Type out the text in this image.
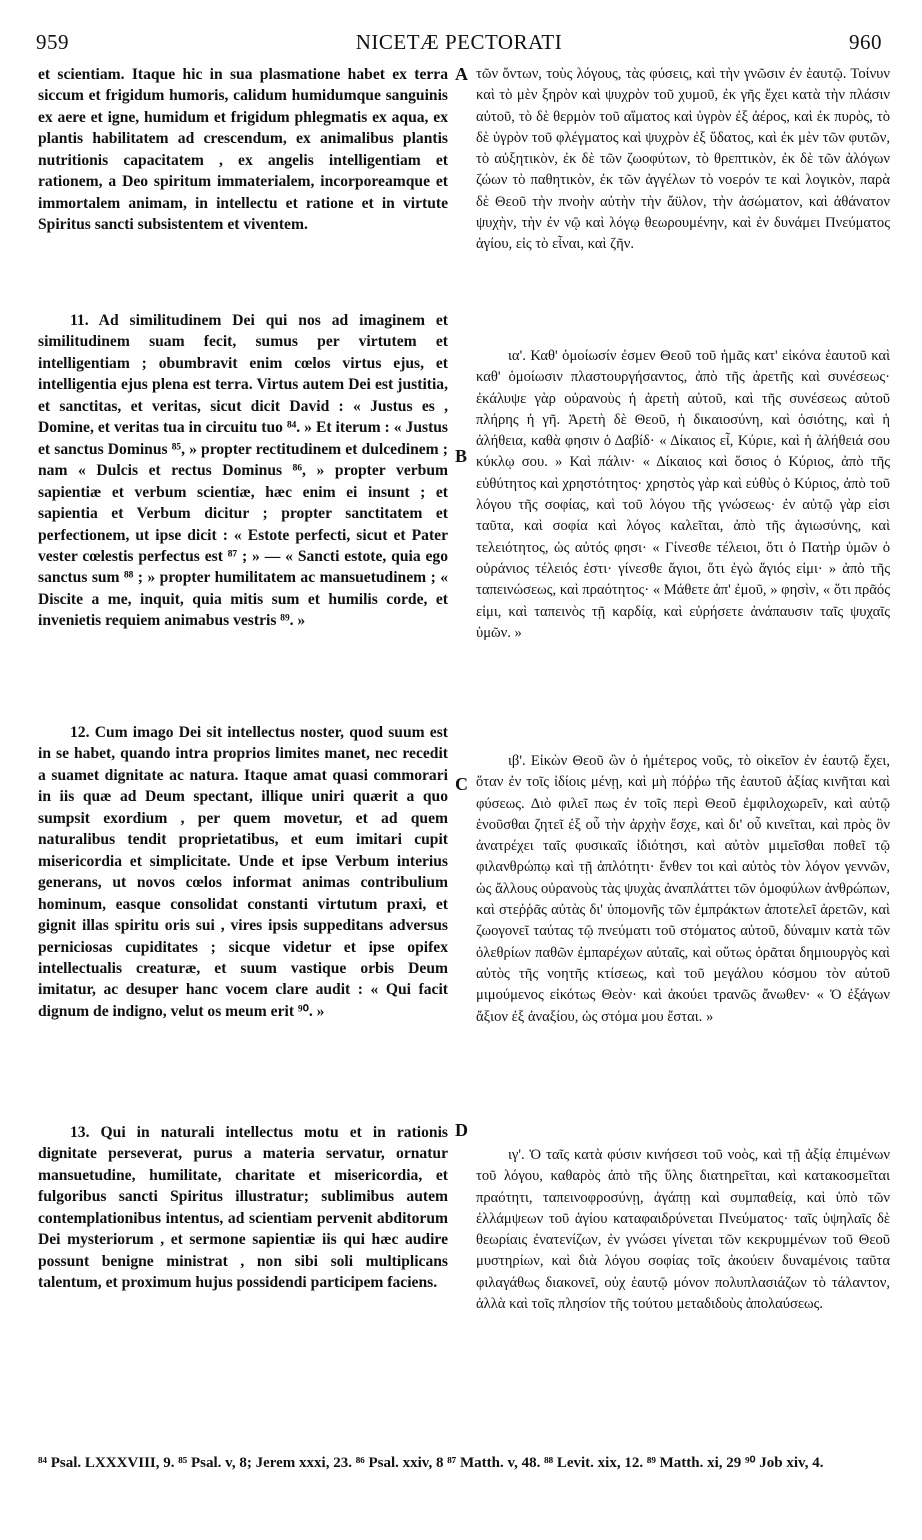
959	NICETÆ PECTORATI	960
et scientiam. Itaque hic in sua plasmatione habet ex terra siccum et frigidum humoris, calidum humidumque sanguinis ex aere et igne, humidum et frigidum phlegmatis ex aqua, ex plantis habilitatem ad crescendum, ex animalibus plantis nutritionis capacitatem , ex angelis intelligentiam et rationem, a Deo spiritum immaterialem, incorporeamque et immortalem animam, in intellectu et ratione et in virtute Spiritus sancti subsistentem et viventem.
11. Ad similitudinem Dei qui nos ad imaginem et similitudinem suam fecit, sumus per virtutem et intelligentiam ; obumbravit enim cœlos virtus ejus, et intelligentia ejus plena est terra. Virtus autem Dei est justitia, et sanctitas, et veritas, sicut dicit David : « Justus es , Domine, et veritas tua in circuitu tuo ⁸⁴. » Et iterum : « Justus et sanctus Dominus ⁸⁵, » propter rectitudinem et dulcedinem ; nam « Dulcis et rectus Dominus ⁸⁶, » propter verbum sapientiæ et verbum scientiæ, hæc enim ei insunt ; et sapientia et Verbum dicitur ; propter sanctitatem et perfectionem, ut ipse dicit : « Estote perfecti, sicut et Pater vester cœlestis perfectus est ⁸⁷ ; » — « Sancti estote, quia ego sanctus sum ⁸⁸ ; » propter humilitatem ac mansuetudinem ; « Discite a me, inquit, quia mitis sum et humilis corde, et invenietis requiem animabus vestris ⁸⁹. »
12. Cum imago Dei sit intellectus noster, quod suum est in se habet, quando intra proprios limites manet, nec recedit a suamet dignitate ac natura. Itaque amat quasi commorari in iis quæ ad Deum spectant, illique uniri quærit a quo sumpsit exordium , per quem movetur, et ad quem naturalibus tendit proprietatibus, et eum imitari cupit misericordia et simplicitate. Unde et ipse Verbum interius generans, ut novos cœlos informat animas contribulium hominum, easque consolidat constanti virtutum praxi, et gignit illas spiritu oris sui , vires ipsis suppeditans adversus perniciosas cupiditates ; sicque videtur et ipse opifex intellectualis creaturæ, et suum vastique orbis Deum imitatur, ac desuper hanc vocem clare audit : « Qui facit dignum de indigno, velut os meum erit ⁹⁰. »
13. Qui in naturali intellectus motu et in rationis dignitate perseverat, purus a materia servatur, ornatur mansuetudine, humilitate, charitate et misericordia, et fulgoribus sancti Spiritus illustratur; sublimibus autem contemplationibus intentus, ad scientiam pervenit abditorum Dei mysteriorum , et sermone sapientiæ iis qui hæc audire possunt benigne ministrat , non sibi soli multiplicans talentum, et proximum hujus possidendi participem faciens.
A
B
C
D
τῶν ὄντων, τοὺς λόγους, τὰς φύσεις, καὶ τὴν γνῶσιν ἐν ἑαυτῷ. Τοίνυν καὶ τὸ μὲν ξηρὸν καὶ ψυχρὸν τοῦ χυμοῦ, ἐκ γῆς ἔχει κατὰ τὴν πλάσιν αὐτοῦ, τὸ δὲ θερμὸν τοῦ αἵματος καὶ ὑγρὸν ἐξ ἀέρος, καὶ ἐκ πυρὸς, τὸ δὲ ὑγρὸν τοῦ φλέγματος καὶ ψυχρὸν ἐξ ὕδατος, καὶ ἐκ μὲν τῶν φυτῶν, τὸ αὐξητικὸν, ἐκ δὲ τῶν ζωοφύτων, τὸ θρεπτικὸν, ἐκ δὲ τῶν ἀλόγων ζώων τὸ παθητικὸν, ἐκ τῶν ἀγγέλων τὸ νοερόν τε καὶ λογικὸν, παρὰ δὲ Θεοῦ τὴν πνοὴν αὐτὴν τὴν ἄϋλον, τὴν ἀσώματον, καὶ ἀθάνατον ψυχὴν, τὴν ἐν νῷ καὶ λόγῳ θεωρουμένην, καὶ ἐν δυνάμει Πνεύματος ἁγίου, εἰς τὸ εἶναι, καὶ ζῆν.
ια'. Καθ' ὁμοίωσίν ἐσμεν Θεοῦ τοῦ ἡμᾶς κατ' εἰκόνα ἑαυτοῦ καὶ καθ' ὁμοίωσιν πλαστουργήσαντος, ἀπὸ τῆς ἀρετῆς καὶ συνέσεως· ἐκάλυψε γὰρ οὐρανοὺς ἡ ἀρετὴ αὐτοῦ, καὶ τῆς συνέσεως αὐτοῦ πλήρης ἡ γῆ. Ἀρετὴ δὲ Θεοῦ, ἡ δικαιοσύνη, καὶ ὁσιότης, καὶ ἡ ἀλήθεια, καθὰ φησιν ὁ Δαβίδ· « Δίκαιος εἶ, Κύριε, καὶ ἡ ἀλήθειά σου κύκλῳ σου. » Καὶ πάλιν· « Δίκαιος καὶ ὅσιος ὁ Κύριος, ἀπὸ τῆς εὐθύτητος καὶ χρηστότητος· χρηστὸς γὰρ καὶ εὐθὺς ὁ Κύριος, ἀπὸ τοῦ λόγου τῆς σοφίας, καὶ τοῦ λόγου τῆς γνώσεως· ἐν αὐτῷ γὰρ εἰσι ταῦτα, καὶ σοφία καὶ λόγος καλεῖται, ἀπὸ τῆς ἁγιωσύνης, καὶ τελειότητος, ὡς αὐτός φησι· « Γίνεσθε τέλειοι, ὅτι ὁ Πατὴρ ὑμῶν ὁ οὐράνιος τέλειός ἐστι· γίνεσθε ἅγιοι, ὅτι ἐγὼ ἅγιός εἰμι· » ἀπὸ τῆς ταπεινώσεως, καὶ πραότητος· « Μάθετε ἀπ' ἐμοῦ, » φησὶν, « ὅτι πρᾶός εἰμι, καὶ ταπεινὸς τῇ καρδίᾳ, καὶ εὑρήσετε ἀνάπαυσιν ταῖς ψυχαῖς ὑμῶν. »
ιβ'. Εἰκὼν Θεοῦ ὢν ὁ ἡμέτερος νοῦς, τὸ οἰκεῖον ἐν ἑαυτῷ ἔχει, ὅταν ἐν τοῖς ἰδίοις μένῃ, καὶ μὴ πόῤῥω τῆς ἑαυτοῦ ἀξίας κινῆται καὶ φύσεως. Διὸ φιλεῖ πως ἐν τοῖς περὶ Θεοῦ ἐμφιλοχωρεῖν, καὶ αὐτῷ ἑνοῦσθαι ζητεῖ ἐξ οὗ τὴν ἀρχὴν ἔσχε, καὶ δι' οὗ κινεῖται, καὶ πρὸς ὃν ἀνατρέχει ταῖς φυσικαῖς ἰδιότησι, καὶ αὐτὸν μιμεῖσθαι ποθεῖ τῷ φιλανθρώπῳ καὶ τῇ ἁπλότητι· ἔνθεν τοι καὶ αὐτὸς τὸν λόγον γεννῶν, ὡς ἄλλους οὐρανοὺς τὰς ψυχὰς ἀναπλάττει τῶν ὁμοφύλων ἀνθρώπων, καὶ στεῤῥᾶς αὐτὰς δι' ὑπομονῆς τῶν ἐμπράκτων ἀποτελεῖ ἀρετῶν, καὶ ζωογονεῖ ταύτας τῷ πνεύματι τοῦ στόματος αὐτοῦ, δύναμιν κατὰ τῶν ὀλεθρίων παθῶν ἐμπαρέχων αὐταῖς, καὶ οὕτως ὁρᾶται δημιουργὸς καὶ αὐτὸς τῆς νοητῆς κτίσεως, καὶ τοῦ μεγάλου κόσμου τὸν αὐτοῦ μιμούμενος εἰκότως Θεὸν· καὶ ἀκούει τρανῶς ἄνωθεν· « Ὁ ἐξάγων ἄξιον ἐξ ἀναξίου, ὡς στόμα μου ἔσται. »
ιγ'. Ὁ ταῖς κατὰ φύσιν κινήσεσι τοῦ νοὸς, καὶ τῇ ἀξίᾳ ἐπιμένων τοῦ λόγου, καθαρὸς ἀπὸ τῆς ὕλης διατηρεῖται, καὶ κατακοσμεῖται πραότητι, ταπεινοφροσύνῃ, ἀγάπῃ καὶ συμπαθείᾳ, καὶ ὑπὸ τῶν ἐλλάμψεων τοῦ ἁγίου καταφαιδρύνεται Πνεύματος· ταῖς ὑψηλαῖς δὲ θεωρίαις ἐνατενίζων, ἐν γνώσει γίνεται τῶν κεκρυμμένων τοῦ Θεοῦ μυστηρίων, καὶ διὰ λόγου σοφίας τοῖς ἀκούειν δυναμένοις ταῦτα φιλαγάθως διακονεῖ, οὐχ ἑαυτῷ μόνον πολυπλασιάζων τὸ τάλαντον, ἀλλὰ καὶ τοῖς πλησίον τῆς τούτου μεταδιδοὺς ἀπολαύσεως.
⁸⁴ Psal. LXXXVIII, 9. ⁸⁵ Psal. v, 8; Jerem xxxi, 23. ⁸⁶ Psal. xxiv, 8 ⁸⁷ Matth. v, 48. ⁸⁸ Levit. xix, 12. ⁸⁹ Matth. xi, 29 ⁹⁰ Job xiv, 4.
